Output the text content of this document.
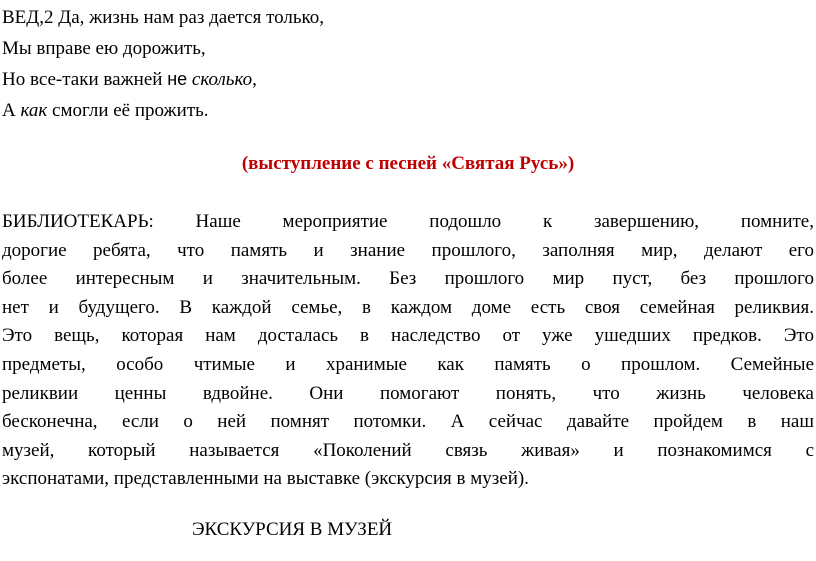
ВЕД,2 Да, жизнь нам раз дается только,
Мы вправе ею дорожить,
Но все-таки важней не сколько,
А как смогли её прожить.
(выступление с песней «Святая Русь»)
БИБЛИОТЕКАРЬ: Наше мероприятие подошло к завершению, помните,
дорогие ребята, что память и знание прошлого, заполняя мир, делают его
более интересным и значительным. Без прошлого мир пуст, без прошлого
нет и будущего. В каждой семье, в каждом доме есть своя семейная реликвия.
Это вещь, которая нам досталась в наследство от уже ушедших предков. Это
предметы, особо чтимые и хранимые как память о прошлом. Семейные
реликвии ценны вдвойне. Они помогают понять, что жизнь человека
бесконечна, если о ней помнят потомки. А сейчас давайте пройдем в наш
музей, который называется «Поколений связь живая» и познакомимся с
экспонатами, представленными на выставке (экскурсия в музей).
ЭКСКУРСИЯ В МУЗЕЙ
